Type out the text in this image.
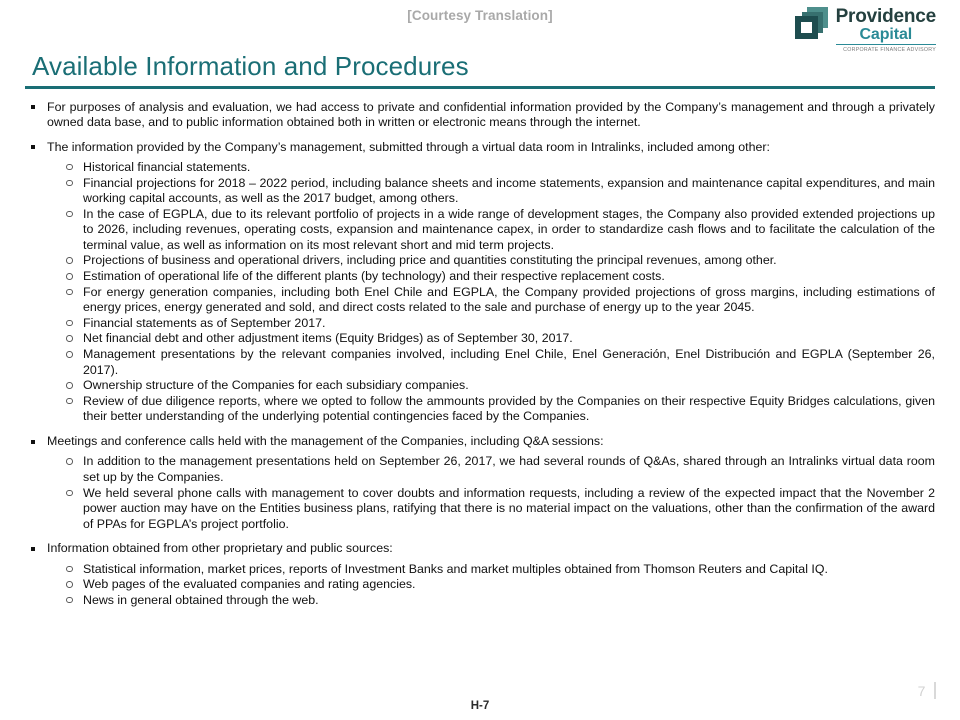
[Courtesy Translation]	Providence
Capital
CORPORATE FINANCE ADVISORY
Available Information and Procedures
For purposes of analysis and evaluation, we had access to private and confidential information provided by the Company’s management and through a privately owned data base, and to public information obtained both in written or electronic means through the internet.
The information provided by the Company’s management, submitted through a virtual data room in Intralinks, included among other:
Historical financial statements.
Financial projections for 2018 – 2022 period, including balance sheets and income statements, expansion and maintenance capital expenditures, and main working capital accounts, as well as the 2017 budget, among others.
In the case of EGPLA, due to its relevant portfolio of projects in a wide range of development stages, the Company also provided extended projections up to 2026, including revenues, operating costs, expansion and maintenance capex, in order to standardize cash flows and to facilitate the calculation of the terminal value, as well as information on its most relevant short and mid term projects.
Projections of business and operational drivers, including price and quantities constituting the principal revenues, among other.
Estimation of operational life of the different plants (by technology) and their respective replacement costs.
For energy generation companies, including both Enel Chile and EGPLA, the Company provided projections of gross margins, including estimations of energy prices, energy generated and sold, and direct costs related to the sale and purchase of energy up to the year 2045.
Financial statements as of September 2017.
Net financial debt and other adjustment items (Equity Bridges) as of September 30, 2017.
Management presentations by the relevant companies involved, including Enel Chile, Enel Generación, Enel Distribución and EGPLA (September 26, 2017).
Ownership structure of the Companies for each subsidiary companies.
Review of due diligence reports, where we opted to follow the ammounts provided by the Companies on their respective Equity Bridges calculations, given their better understanding of the underlying potential contingencies faced by the Companies.
Meetings and conference calls held with the management of the Companies, including Q&A sessions:
In addition to the management presentations held on September 26, 2017, we had several rounds of Q&As, shared through an Intralinks virtual data room set up by the Companies.
We held several phone calls with management to cover doubts and information requests, including a review of the expected impact that the November 2 power auction may have on the Entities business plans, ratifying that there is no material impact on the valuations, other than the confirmation of the award of PPAs for EGPLA’s project portfolio.
Information obtained from other proprietary and public sources:
Statistical information, market prices, reports of Investment Banks and market multiples obtained from Thomson Reuters and Capital IQ.
Web pages of the evaluated companies and rating agencies.
News in general obtained through the web.
H-7
7
